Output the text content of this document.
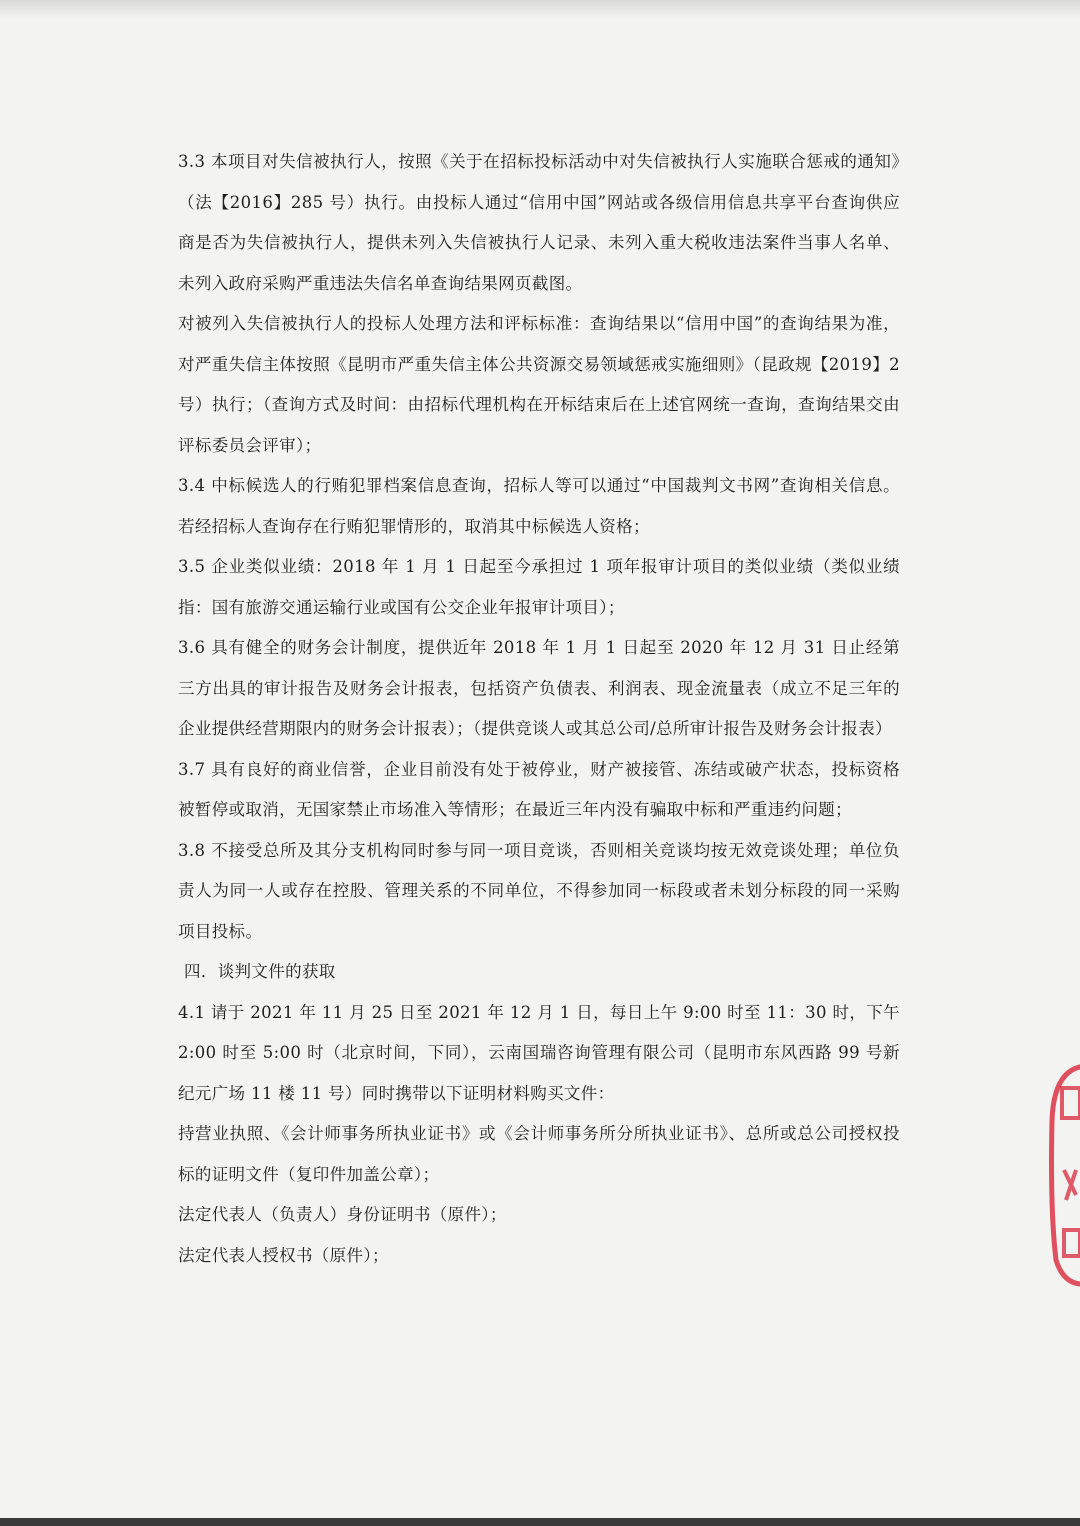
3.3 本项目对失信被执行人，按照《关于在招标投标活动中对失信被执行人实施联合惩戒的通知》（法【2016】285 号）执行。由投标人通过“信用中国”网站或各级信用信息共享平台查询供应商是否为失信被执行人，提供未列入失信被执行人记录、未列入重大税收违法案件当事人名单、未列入政府采购严重违法失信名单查询结果网页截图。

对被列入失信被执行人的投标人处理方法和评标标准：查询结果以“信用中国”的查询结果为准，对严重失信主体按照《昆明市严重失信主体公共资源交易领域惩戒实施细则》（昆政规【2019】2 号）执行；（查询方式及时间：由招标代理机构在开标结束后在上述官网统一查询，查询结果交由评标委员会评审）；

3.4 中标候选人的行贿犯罪档案信息查询，招标人等可以通过“中国裁判文书网”查询相关信息。若经招标人查询存在行贿犯罪情形的，取消其中标候选人资格；

3.5 企业类似业绩：2018 年 1 月 1 日起至今承担过 1 项年报审计项目的类似业绩（类似业绩指：国有旅游交通运输行业或国有公交企业年报审计项目）；

3.6 具有健全的财务会计制度，提供近年 2018 年 1 月 1 日起至 2020 年 12 月 31 日止经第三方出具的审计报告及财务会计报表，包括资产负债表、利润表、现金流量表（成立不足三年的企业提供经营期限内的财务会计报表）；（提供竞谈人或其总公司/总所审计报告及财务会计报表）

3.7 具有良好的商业信誉，企业目前没有处于被停业，财产被接管、冻结或破产状态，投标资格被暂停或取消，无国家禁止市场准入等情形；在最近三年内没有骗取中标和严重违约问题；

3.8 不接受总所及其分支机构同时参与同一项目竞谈，否则相关竞谈均按无效竞谈处理；单位负责人为同一人或存在控股、管理关系的不同单位，不得参加同一标段或者未划分标段的同一采购项目投标。

四．谈判文件的获取

4.1 请于 2021 年 11 月 25 日至 2021 年 12 月 1 日，每日上午 9:00 时至 11：30 时，下午 2:00 时至 5:00 时（北京时间，下同），云南国瑞咨询管理有限公司（昆明市东风西路 99 号新纪元广场 11 楼 11 号）同时携带以下证明材料购买文件：

持营业执照、《会计师事务所执业证书》或《会计师事务所分所执业证书》、总所或总公司授权投标的证明文件（复印件加盖公章）；

法定代表人（负责人）身份证明书（原件）；

法定代表人授权书（原件）；
